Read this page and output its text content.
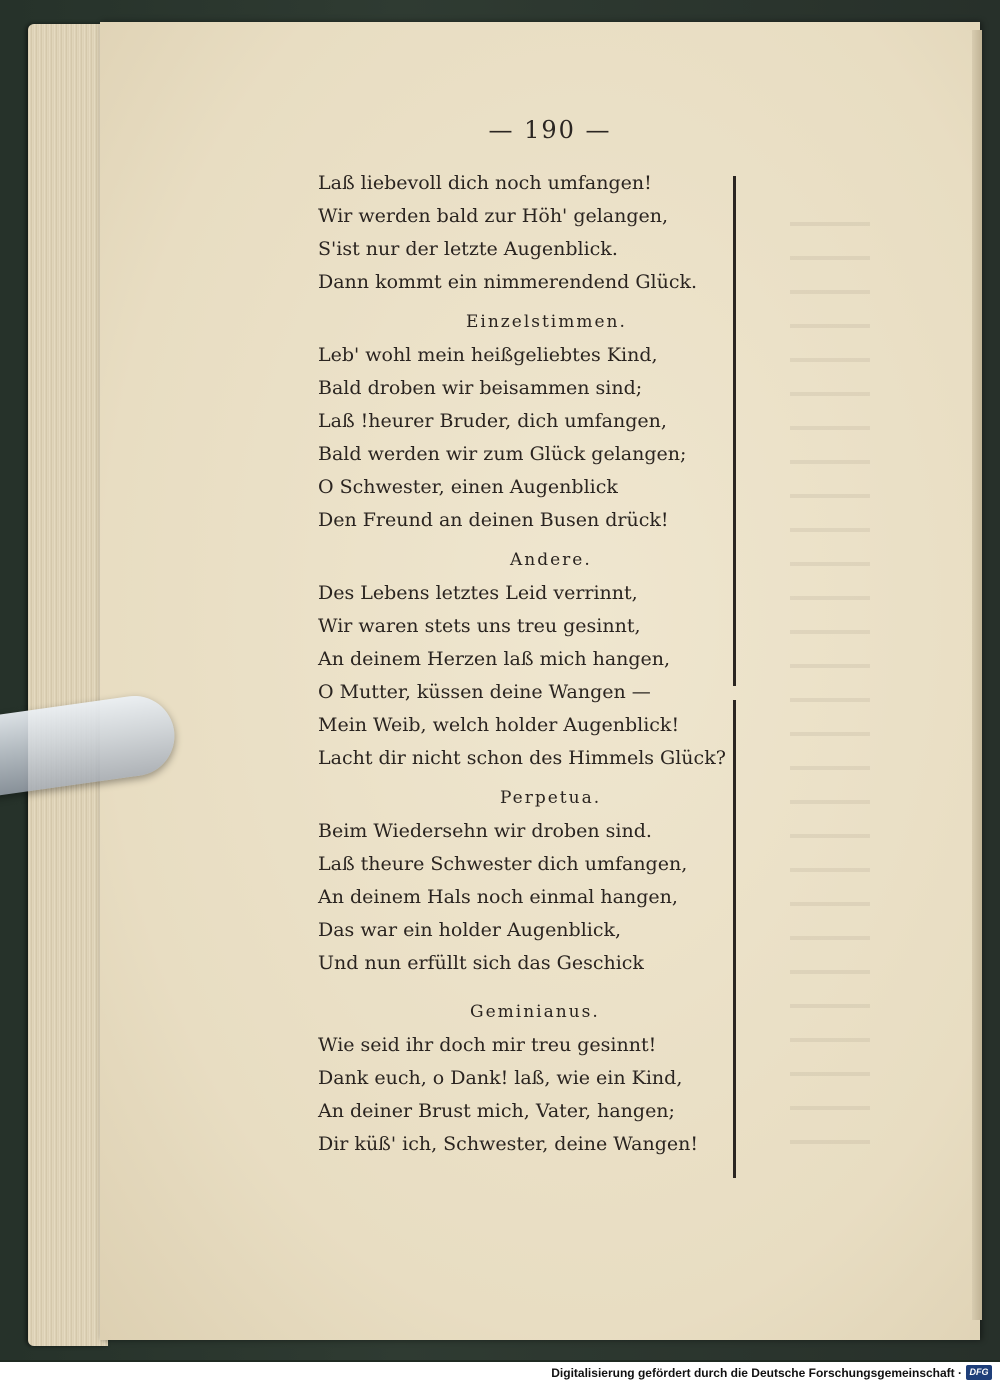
— 190 —
Laß liebevoll dich noch umfangen!
Wir werden bald zur Höh' gelangen,
S'ist nur der letzte Augenblick.
Dann kommt ein nimmerendend Glück.
Einzelstimmen.
Leb' wohl mein heißgeliebtes Kind,
Bald droben wir beisammen sind;
Laß !heurer Bruder, dich umfangen,
Bald werden wir zum Glück gelangen;
O Schwester, einen Augenblick
Den Freund an deinen Busen drück!
Andere.
Des Lebens letztes Leid verrinnt,
Wir waren stets uns treu gesinnt,
An deinem Herzen laß mich hangen,
O Mutter, küssen deine Wangen —
Mein Weib, welch holder Augenblick!
Lacht dir nicht schon des Himmels Glück?
Perpetua.
Beim Wiedersehn wir droben sind.
Laß theure Schwester dich umfangen,
An deinem Hals noch einmal hangen,
Das war ein holder Augenblick,
Und nun erfüllt sich das Geschick
Geminianus.
Wie seid ihr doch mir treu gesinnt!
Dank euch, o Dank! laß, wie ein Kind,
An deiner Brust mich, Vater, hangen;
Dir küß' ich, Schwester, deine Wangen!
Digitalisierung gefördert durch die Deutsche Forschungsgemeinschaft · DFG
